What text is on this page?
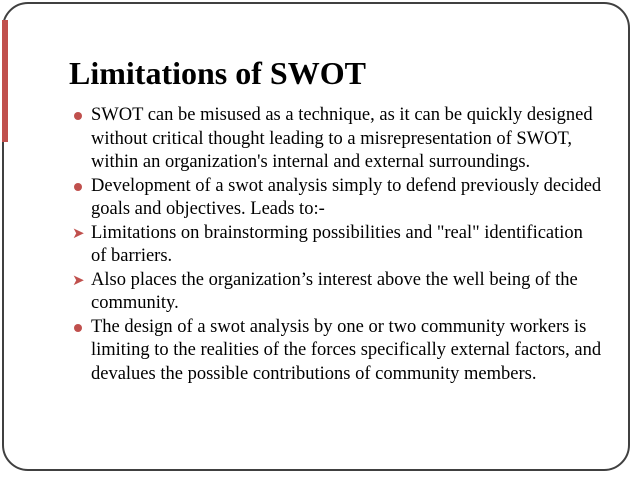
Limitations of SWOT
SWOT can be misused as a technique, as it can be quickly designed without critical thought leading to a misrepresentation of SWOT, within an organization's internal and external surroundings.
Development of a swot analysis simply to defend previously decided goals and objectives. Leads to:-
➤ Limitations on brainstorming possibilities and "real" identification of barriers.
➤ Also places the organization’s interest above the well being of the community.
The design of a swot analysis by one or two community workers is limiting to the realities of the forces specifically external factors, and devalues the possible contributions of community members.
